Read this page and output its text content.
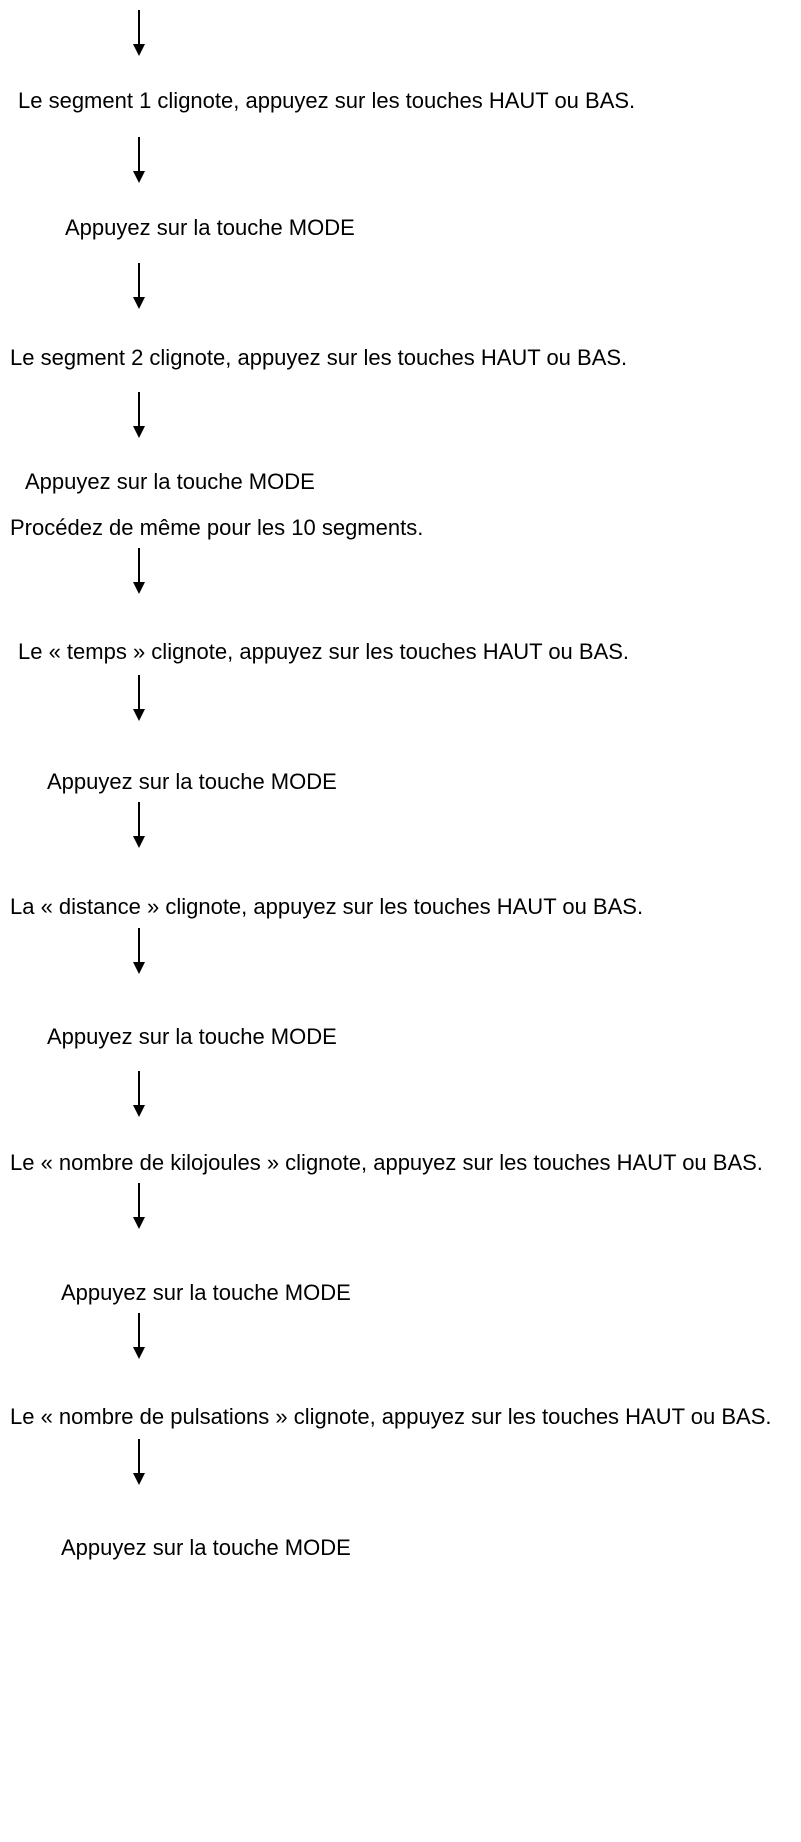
Le segment 1 clignote, appuyez sur les touches HAUT ou BAS.

Appuyez sur la touche MODE

Le segment 2 clignote, appuyez sur les touches HAUT ou BAS.

Appuyez sur la touche MODE

Procédez de même pour les 10 segments.

Le « temps » clignote, appuyez sur les touches HAUT ou BAS.

Appuyez sur la touche MODE

La « distance » clignote, appuyez sur les touches HAUT ou BAS.

Appuyez sur la touche MODE

Le « nombre de kilojoules » clignote, appuyez sur les touches HAUT ou BAS.

Appuyez sur la touche MODE

Le « nombre de pulsations » clignote, appuyez sur les touches HAUT ou BAS.

Appuyez sur la touche MODE
